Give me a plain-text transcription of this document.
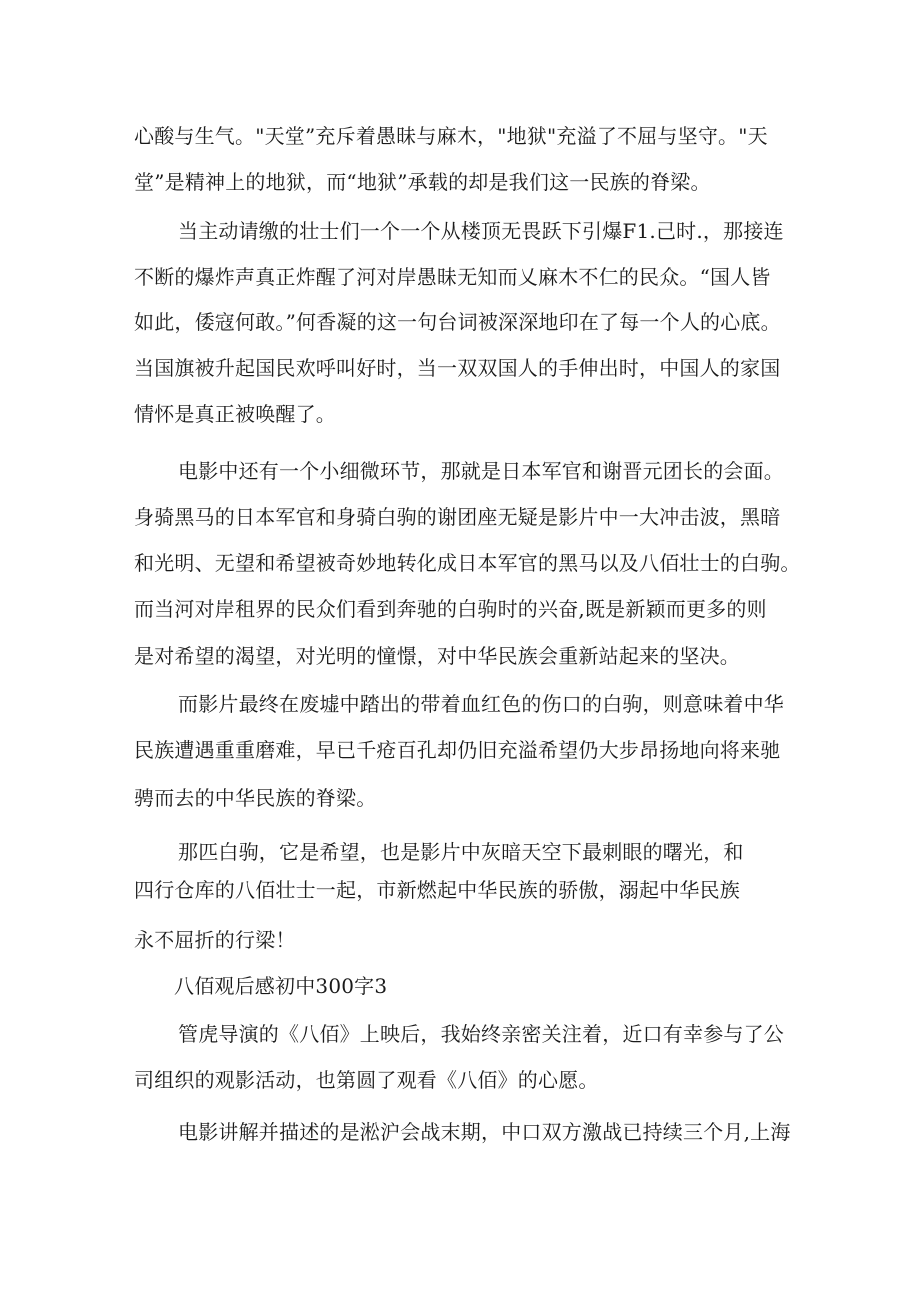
心酸与生气。"天堂”充斥着愚昧与麻木，"地狱"充溢了不屈与坚守。"天

堂”是精神上的地狱，而“地狱”承载的却是我们这一民族的脊梁。

当主动请缴的壮士们一个一个从楼顶无畏跃下引爆F1.己时.，那接连

不断的爆炸声真正炸醒了河对岸愚昧无知而乂麻木不仁的民众。“国人皆

如此，倭寇何敢。”何香凝的这一句台词被深深地印在了每一个人的心底。

当国旗被升起国民欢呼叫好时，当一双双国人的手伸出时，中国人的家国

情怀是真正被唤醒了。

电影中还有一个小细微环节，那就是日本军官和谢晋元团长的会面。

身骑黑马的日本军官和身骑白驹的谢团座无疑是影片中一大冲击波，黑暗

和光明、无望和希望被奇妙地转化成日本军官的黑马以及八佰壮士的白驹。

而当河对岸租界的民众们看到奔驰的白驹时的兴奋,既是新颖而更多的则

是对希望的渴望，对光明的憧憬，对中华民族会重新站起来的坚决。

而影片最终在废墟中踏出的带着血红色的伤口的白驹，则意味着中华

民族遭遇重重磨难，早已千疮百孔却仍旧充溢希望仍大步昂扬地向将来驰

骋而去的中华民族的脊梁。

那匹白驹，它是希望，也是影片中灰暗天空下最刺眼的曙光，和

四行仓库的八佰壮士一起，市新燃起中华民族的骄傲，溺起中华民族

永不屈折的行梁！

八佰观后感初中300字3

管虎导演的《八佰》上映后，我始终亲密关注着，近口有幸参与了公

司组织的观影活动，也第圆了观看《八佰》的心愿。

电影讲解并描述的是淞沪会战末期，中口双方激战已持续三个月,上海
